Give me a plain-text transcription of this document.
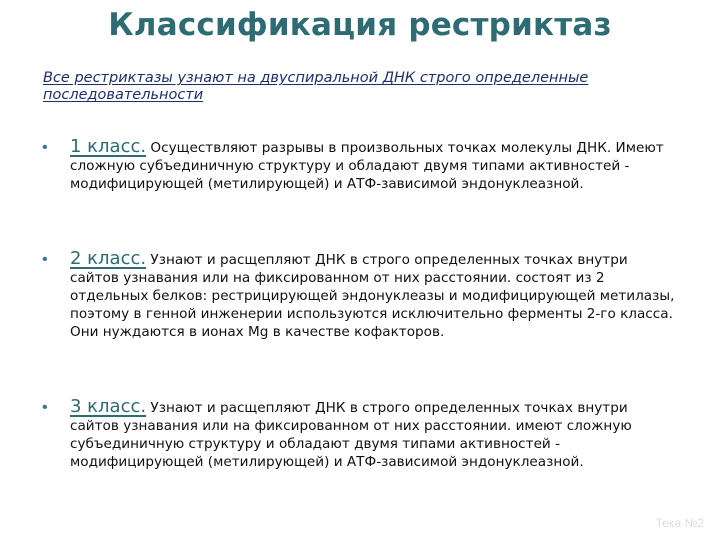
Классификация рестриктаз
Все рестриктазы узнают на двуспиральной ДНК строго определенные последовательности
• 1 класс. Осуществляют разрывы в произвольных точках молекулы ДНК. Имеют сложную субъединичную структуру и обладают двумя типами активностей - модифицирующей (метилирующей) и АТФ-зависимой эндонуклеазной.
• 2 класс. Узнают и расщепляют ДНК в строго определенных точках внутри сайтов узнавания или на фиксированном от них расстоянии. состоят из 2 отдельных белков: рестрицирующей эндонуклеазы и модифицирующей метилазы, поэтому в генной инженерии используются исключительно ферменты 2-го класса. Они нуждаются в ионах Mg в качестве кофакторов.
• 3 класс. Узнают и расщепляют ДНК в строго определенных точках внутри сайтов узнавания или на фиксированном от них расстоянии. имеют сложную субъединичную структуру и обладают двумя типами активностей - модифицирующей (метилирующей) и АТФ-зависимой эндонуклеазной.
Тека №2
